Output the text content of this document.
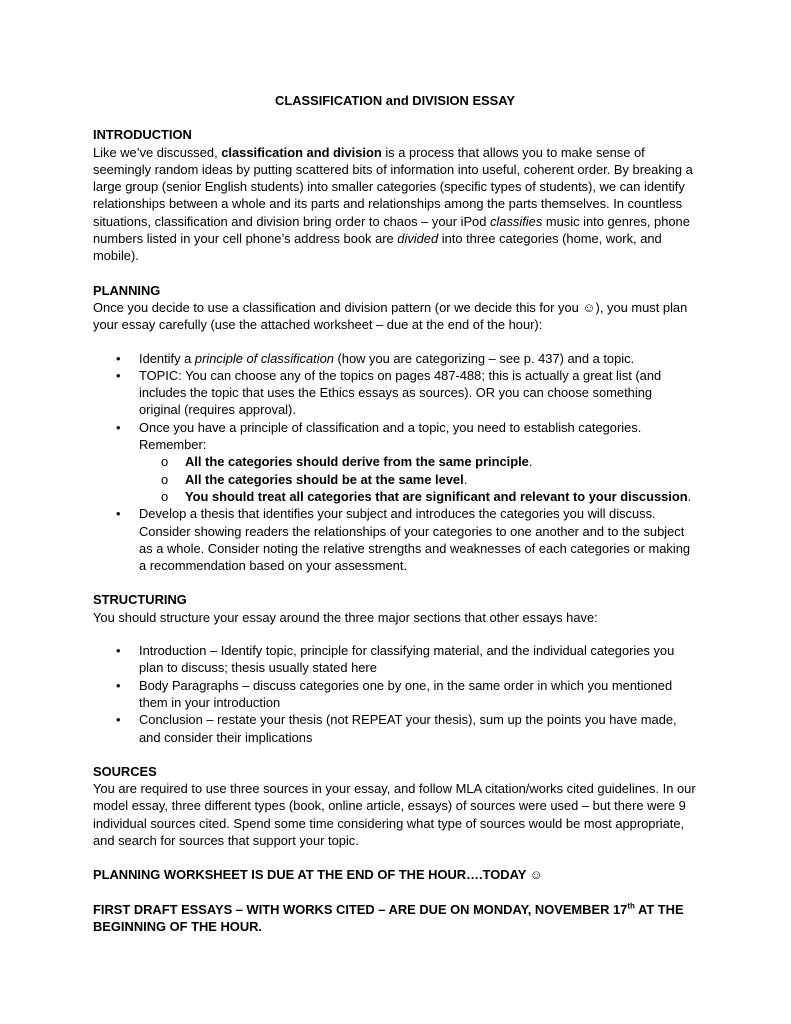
CLASSIFICATION and DIVISION ESSAY
INTRODUCTION

Like we’ve discussed, classification and division is a process that allows you to make sense of seemingly random ideas by putting scattered bits of information into useful, coherent order. By breaking a large group (senior English students) into smaller categories (specific types of students), we can identify relationships between a whole and its parts and relationships among the parts themselves. In countless situations, classification and division bring order to chaos – your iPod classifies music into genres, phone numbers listed in your cell phone’s address book are divided into three categories (home, work, and mobile).

PLANNING

Once you decide to use a classification and division pattern (or we decide this for you ☺), you must plan your essay carefully (use the attached worksheet – due at the end of the hour):

• Identify a principle of classification (how you are categorizing – see p. 437) and a topic.
• TOPIC: You can choose any of the topics on pages 487-488; this is actually a great list (and includes the topic that uses the Ethics essays as sources). OR you can choose something original (requires approval).
• Once you have a principle of classification and a topic, you need to establish categories. Remember:
o All the categories should derive from the same principle.
o All the categories should be at the same level.
o You should treat all categories that are significant and relevant to your discussion.
• Develop a thesis that identifies your subject and introduces the categories you will discuss. Consider showing readers the relationships of your categories to one another and to the subject as a whole. Consider noting the relative strengths and weaknesses of each categories or making a recommendation based on your assessment.
STRUCTURING

You should structure your essay around the three major sections that other essays have:

• Introduction – Identify topic, principle for classifying material, and the individual categories you plan to discuss; thesis usually stated here
• Body Paragraphs – discuss categories one by one, in the same order in which you mentioned them in your introduction
• Conclusion – restate your thesis (not REPEAT your thesis), sum up the points you have made, and consider their implications
SOURCES

You are required to use three sources in your essay, and follow MLA citation/works cited guidelines. In our model essay, three different types (book, online article, essays) of sources were used – but there were 9 individual sources cited. Spend some time considering what type of sources would be most appropriate, and search for sources that support your topic.

PLANNING WORKSHEET IS DUE AT THE END OF THE HOUR….TODAY ☺

FIRST DRAFT ESSAYS – WITH WORKS CITED – ARE DUE ON MONDAY, NOVEMBER 17th AT THE BEGINNING OF THE HOUR.
